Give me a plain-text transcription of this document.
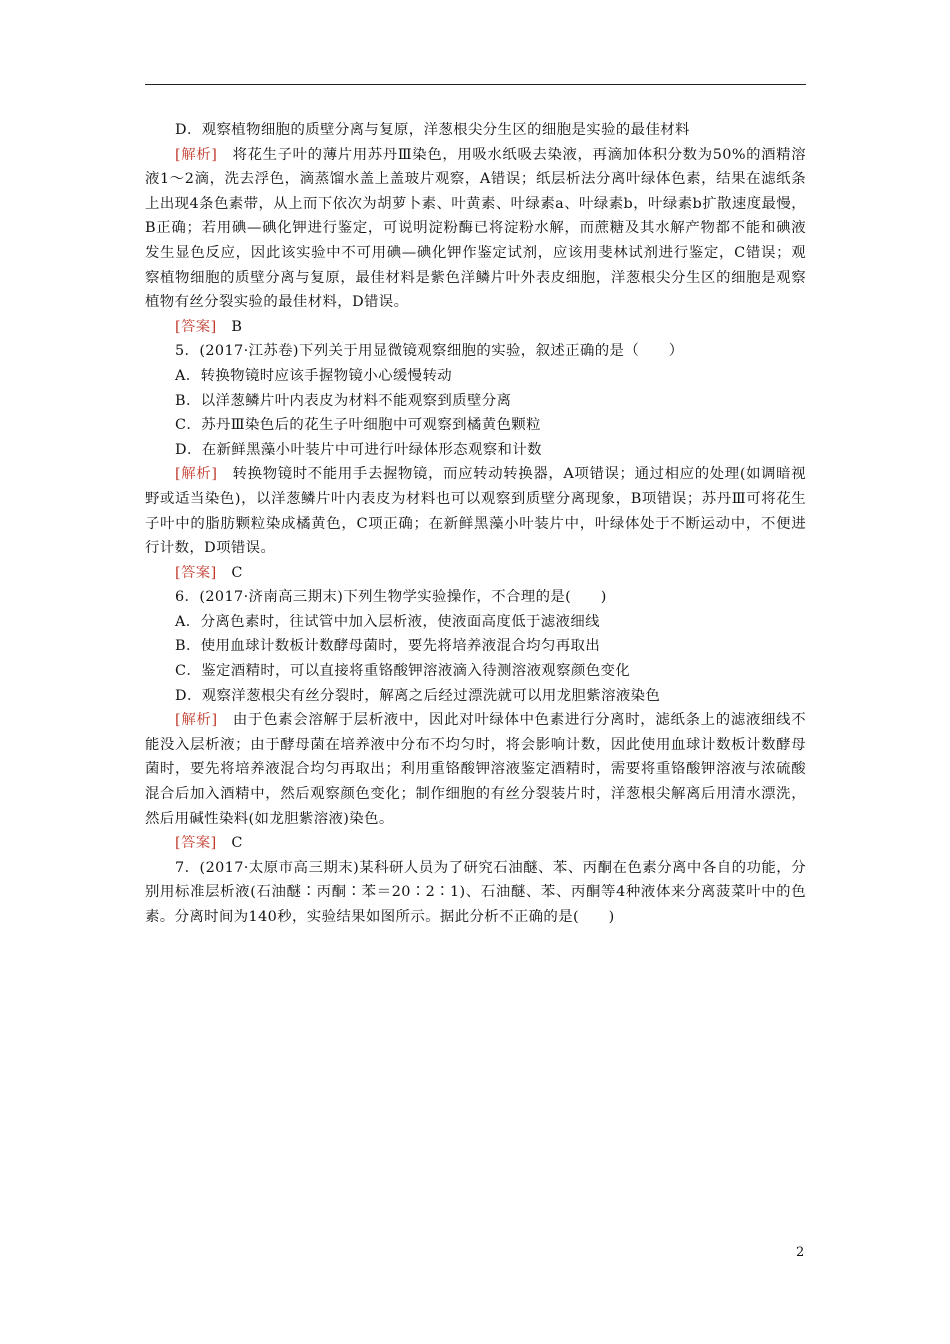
D．观察植物细胞的质壁分离与复原，洋葱根尖分生区的细胞是实验的最佳材料

[解析]　将花生子叶的薄片用苏丹Ⅲ染色，用吸水纸吸去染液，再滴加体积分数为50%的酒精溶液1～2滴，洗去浮色，滴蒸馏水盖上盖玻片观察，A错误；纸层析法分离叶绿体色素，结果在滤纸条上出现4条色素带，从上而下依次为胡萝卜素、叶黄素、叶绿素a、叶绿素b，叶绿素b扩散速度最慢，B正确；若用碘—碘化钾进行鉴定，可说明淀粉酶已将淀粉水解，而蔗糖及其水解产物都不能和碘液发生显色反应，因此该实验中不可用碘—碘化钾作鉴定试剂，应该用斐林试剂进行鉴定，C错误；观察植物细胞的质壁分离与复原，最佳材料是紫色洋鳞片叶外表皮细胞，洋葱根尖分生区的细胞是观察植物有丝分裂实验的最佳材料，D错误。

[答案]　B

5．(2017·江苏卷)下列关于用显微镜观察细胞的实验，叙述正确的是（　　）

A．转换物镜时应该手握物镜小心缓慢转动

B．以洋葱鳞片叶内表皮为材料不能观察到质壁分离

C．苏丹Ⅲ染色后的花生子叶细胞中可观察到橘黄色颗粒

D．在新鲜黑藻小叶装片中可进行叶绿体形态观察和计数

[解析]　转换物镜时不能用手去握物镜，而应转动转换器，A项错误；通过相应的处理(如调暗视野或适当染色)，以洋葱鳞片叶内表皮为材料也可以观察到质壁分离现象，B项错误；苏丹Ⅲ可将花生子叶中的脂肪颗粒染成橘黄色，C项正确；在新鲜黑藻小叶装片中，叶绿体处于不断运动中，不便进行计数，D项错误。

[答案]　C

6．(2017·济南高三期末)下列生物学实验操作，不合理的是(　　)

A．分离色素时，往试管中加入层析液，使液面高度低于滤液细线

B．使用血球计数板计数酵母菌时，要先将培养液混合均匀再取出

C．鉴定酒精时，可以直接将重铬酸钾溶液滴入待测溶液观察颜色变化

D．观察洋葱根尖有丝分裂时，解离之后经过漂洗就可以用龙胆紫溶液染色

[解析]　由于色素会溶解于层析液中，因此对叶绿体中色素进行分离时，滤纸条上的滤液细线不能没入层析液；由于酵母菌在培养液中分布不均匀时，将会影响计数，因此使用血球计数板计数酵母菌时，要先将培养液混合均匀再取出；利用重铬酸钾溶液鉴定酒精时，需要将重铬酸钾溶液与浓硫酸混合后加入酒精中，然后观察颜色变化；制作细胞的有丝分裂装片时，洋葱根尖解离后用清水漂洗，然后用碱性染料(如龙胆紫溶液)染色。

[答案]　C

7．(2017·太原市高三期末)某科研人员为了研究石油醚、苯、丙酮在色素分离中各自的功能，分别用标准层析液(石油醚∶丙酮∶苯＝20∶2∶1)、石油醚、苯、丙酮等4种液体来分离菠菜叶中的色素。分离时间为140秒，实验结果如图所示。据此分析不正确的是(　　)

2
